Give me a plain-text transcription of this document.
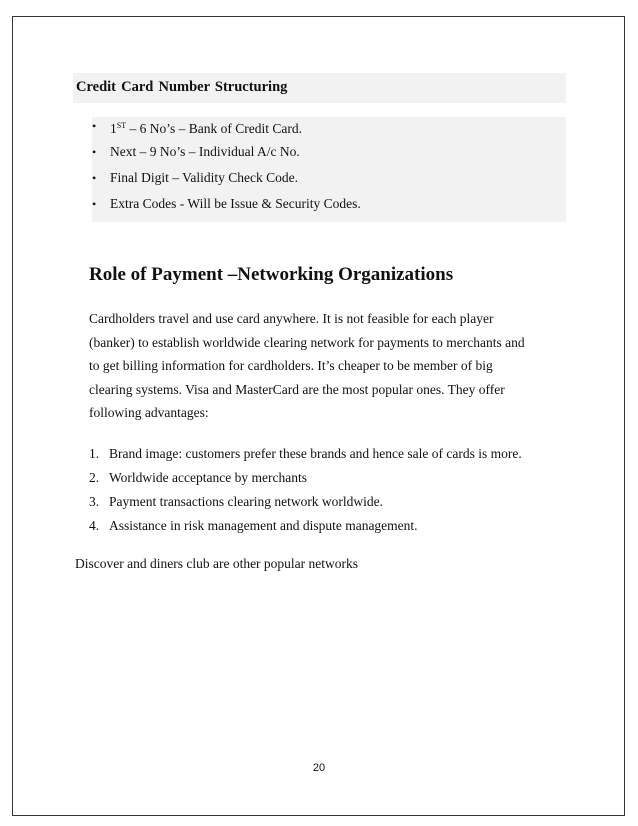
Credit Card Number Structuring
• 1ST – 6 No’s – Bank of Credit Card.
• Next – 9 No’s – Individual A/c No.
• Final Digit – Validity Check Code.
• Extra Codes - Will be Issue & Security Codes.
Role of Payment –Networking Organizations

Cardholders travel and use card anywhere. It is not feasible for each player
(banker) to establish worldwide clearing network for payments to merchants and
to get billing information for cardholders. It’s cheaper to be member of big
clearing systems. Visa and MasterCard are the most popular ones. They offer
following advantages:

1. Brand image: customers prefer these brands and hence sale of cards is more.
2. Worldwide acceptance by merchants
3. Payment transactions clearing network worldwide.
4. Assistance in risk management and dispute management.
Discover and diners club are other popular networks
20
